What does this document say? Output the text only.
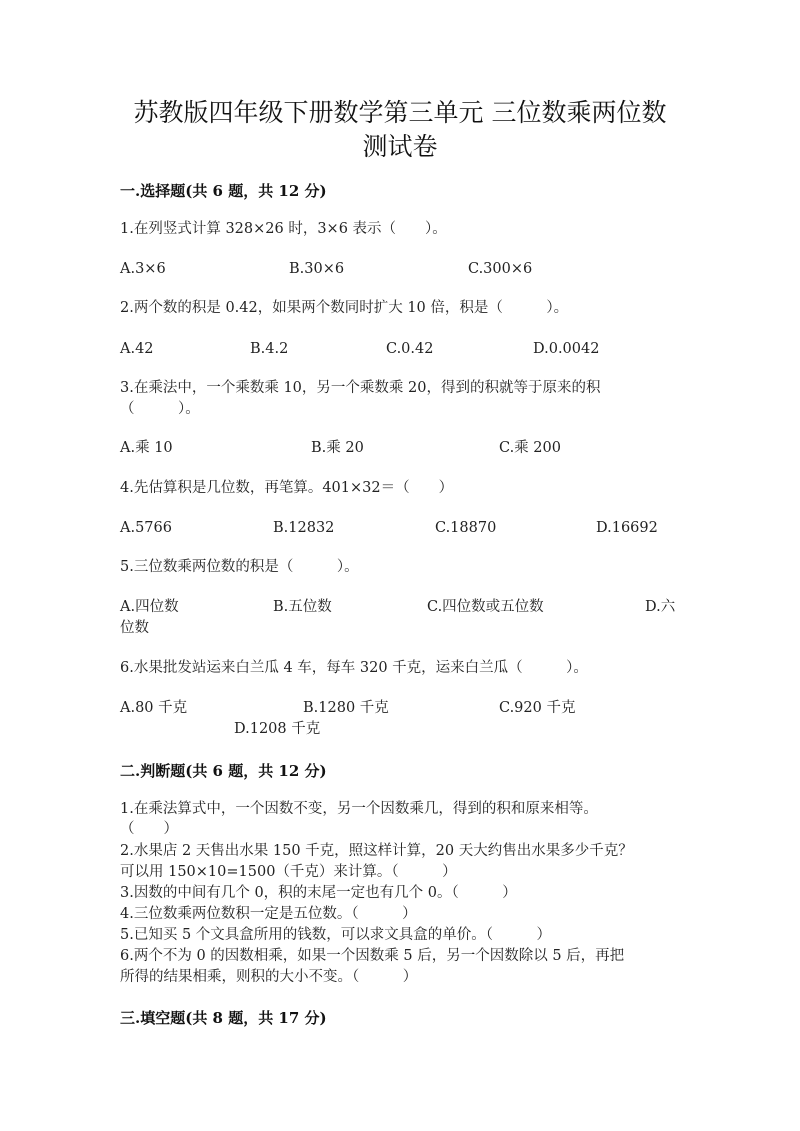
苏教版四年级下册数学第三单元 三位数乘两位数
测试卷
一.选择题(共 6 题，共 12 分)
1.在列竖式计算 328×26 时，3×6 表示（　　）。
A.3×6	B.30×6	C.300×6
2.两个数的积是 0.42，如果两个数同时扩大 10 倍，积是（　　　）。
A.42	B.4.2	C.0.42	D.0.0042
3.在乘法中，一个乘数乘 10，另一个乘数乘 20，得到的积就等于原来的积
（　　　）。
A.乘 10	B.乘 20	C.乘 200
4.先估算积是几位数，再笔算。401×32＝（　　）
A.5766	B.12832	C.18870	D.16692
5.三位数乘两位数的积是（　　　）。
A.四位数	B.五位数	C.四位数或五位数	D.六
位数
6.水果批发站运来白兰瓜 4 车，每车 320 千克，运来白兰瓜（　　　）。
A.80 千克	B.1280 千克	C.920 千克
D.1208 千克
二.判断题(共 6 题，共 12 分)
1.在乘法算式中，一个因数不变，另一个因数乘几，得到的积和原来相等。
（　　）
2.水果店 2 天售出水果 150 千克，照这样计算，20 天大约售出水果多少千克？
可以用 150×10=1500（千克）来计算。（　　　）
3.因数的中间有几个 0，积的末尾一定也有几个 0。（　　　）
4.三位数乘两位数积一定是五位数。（　　　）
5.已知买 5 个文具盒所用的钱数，可以求文具盒的单价。（　　　）
6.两个不为 0 的因数相乘，如果一个因数乘 5 后，另一个因数除以 5 后，再把
所得的结果相乘，则积的大小不变。（　　　）
三.填空题(共 8 题，共 17 分)
